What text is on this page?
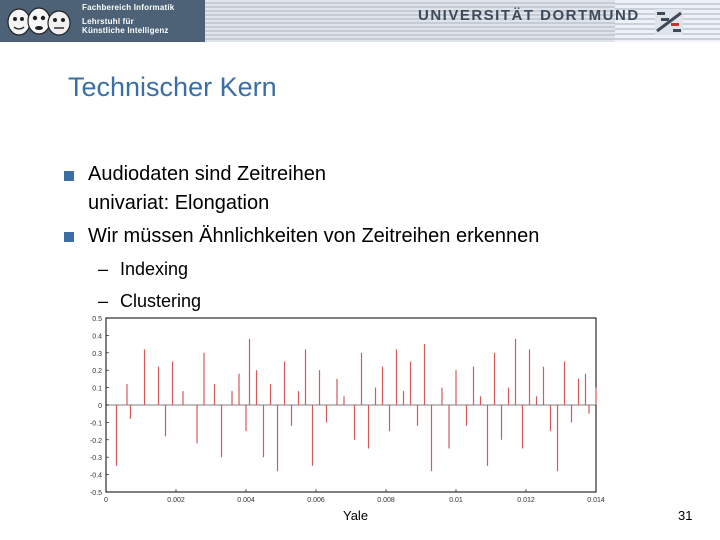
Fachbereich Informatik
Lehrstuhl für
Künstliche Intelligenz
UNIVERSITÄT DORTMUND
Technischer Kern
Audiodaten sind Zeitreihen
univariat: Elongation
Wir müssen Ähnlichkeiten von Zeitreihen erkennen
– Indexing
– Clustering
0.5
0.4
0.3
0.2
0.1
0
-0.1
-0.2
-0.3
-0.4
-0.5
0	0.002	0.004	0.006	0.008	0.01	0.012	0.014
Yale	31
